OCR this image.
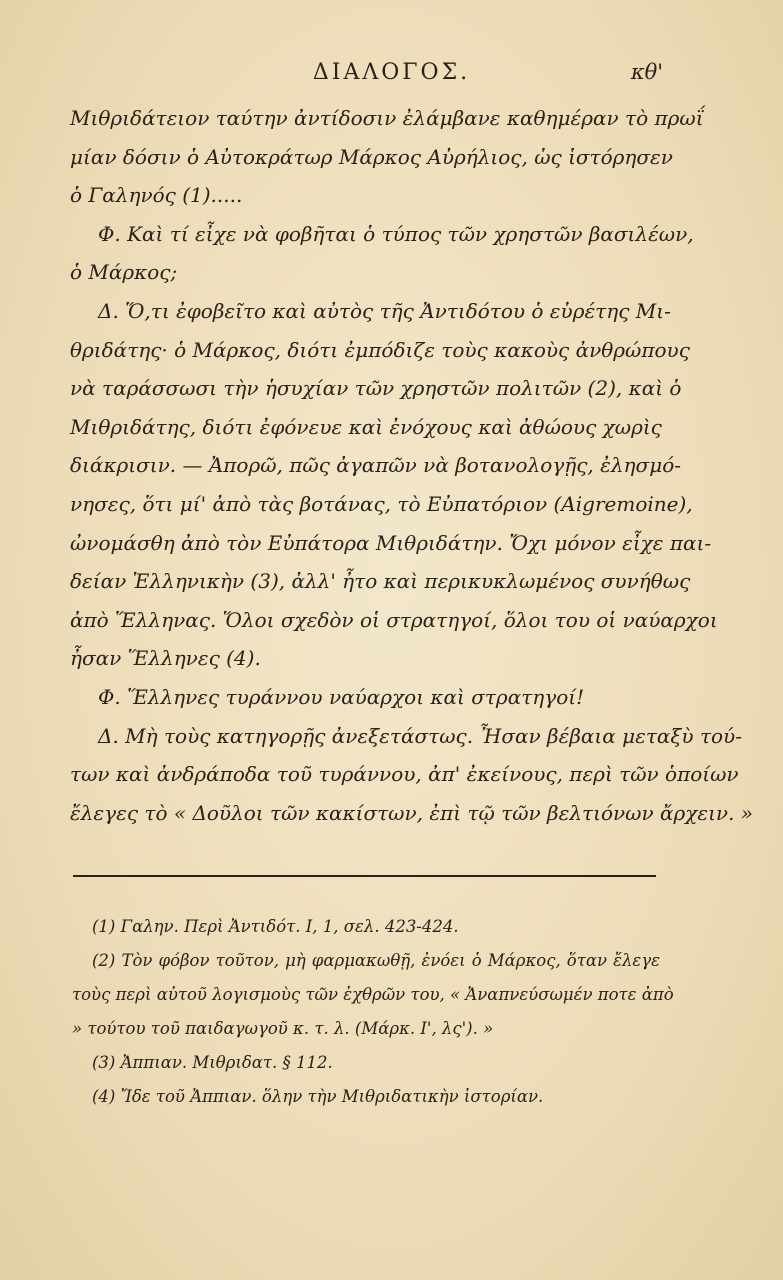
ΔΙΑΛΟΓΟΣ.	κθ'
Μιθριδάτειον ταύτην ἀντίδοσιν ἐλάμβανε καθημέραν τὸ πρωΐ
μίαν δόσιν ὁ Αὐτοκράτωρ Μάρκος Αὐρήλιος, ὡς ἱστόρησεν
ὁ Γαληνός (1).....
Φ. Καὶ τί εἶχε νὰ φοβῆται ὁ τύπος τῶν χρηστῶν βασιλέων,
ὁ Μάρκος;
Δ. Ὅ,τι ἐφοβεῖτο καὶ αὐτὸς τῆς Ἀντιδότου ὁ εὑρέτης Μι-
θριδάτης· ὁ Μάρκος, διότι ἐμπόδιζε τοὺς κακοὺς ἀνθρώπους
νὰ ταράσσωσι τὴν ἡσυχίαν τῶν χρηστῶν πολιτῶν (2), καὶ ὁ
Μιθριδάτης, διότι ἐφόνευε καὶ ἐνόχους καὶ ἀθώους χωρὶς
διάκρισιν. — Ἀπορῶ, πῶς ἀγαπῶν νὰ βοτανολογῇς, ἐλησμό-
νησες, ὅτι μί' ἀπὸ τὰς βοτάνας, τὸ Εὐπατόριον (Aigremoine),
ὠνομάσθη ἀπὸ τὸν Εὐπάτορα Μιθριδάτην. Ὄχι μόνον εἶχε παι-
δείαν Ἑλληνικὴν (3), ἀλλ' ἦτο καὶ περικυκλωμένος συνήθως
ἀπὸ Ἕλληνας. Ὅλοι σχεδὸν οἱ στρατηγοί, ὅλοι του οἱ ναύαρχοι
ἦσαν Ἕλληνες (4).
Φ. Ἕλληνες τυράννου ναύαρχοι καὶ στρατηγοί!
Δ. Μὴ τοὺς κατηγορῇς ἀνεξετάστως. Ἦσαν βέβαια μεταξὺ τού-
των καὶ ἀνδράποδα τοῦ τυράννου, ἀπ' ἐκείνους, περὶ τῶν ὁποίων
ἔλεγες τὸ « Δοῦλοι τῶν κακίστων, ἐπὶ τῷ τῶν βελτιόνων ἄρχειν. »
(1) Γαλην. Περὶ Ἀντιδότ. Ι, 1, σελ. 423-424.
(2) Τὸν φόβον τοῦτον, μὴ φαρμακωθῇ, ἐνόει ὁ Μάρκος, ὅταν ἔλεγε
τοὺς περὶ αὐτοῦ λογισμοὺς τῶν ἐχθρῶν του, « Ἀναπνεύσωμέν ποτε ἀπὸ
» τούτου τοῦ παιδαγωγοῦ κ. τ. λ. (Μάρκ. Ι', λς'). »
(3) Ἀππιαν. Μιθριδατ. § 112.
(4) Ἴδε τοῦ Ἀππιαν. ὅλην τὴν Μιθριδατικὴν ἱστορίαν.
